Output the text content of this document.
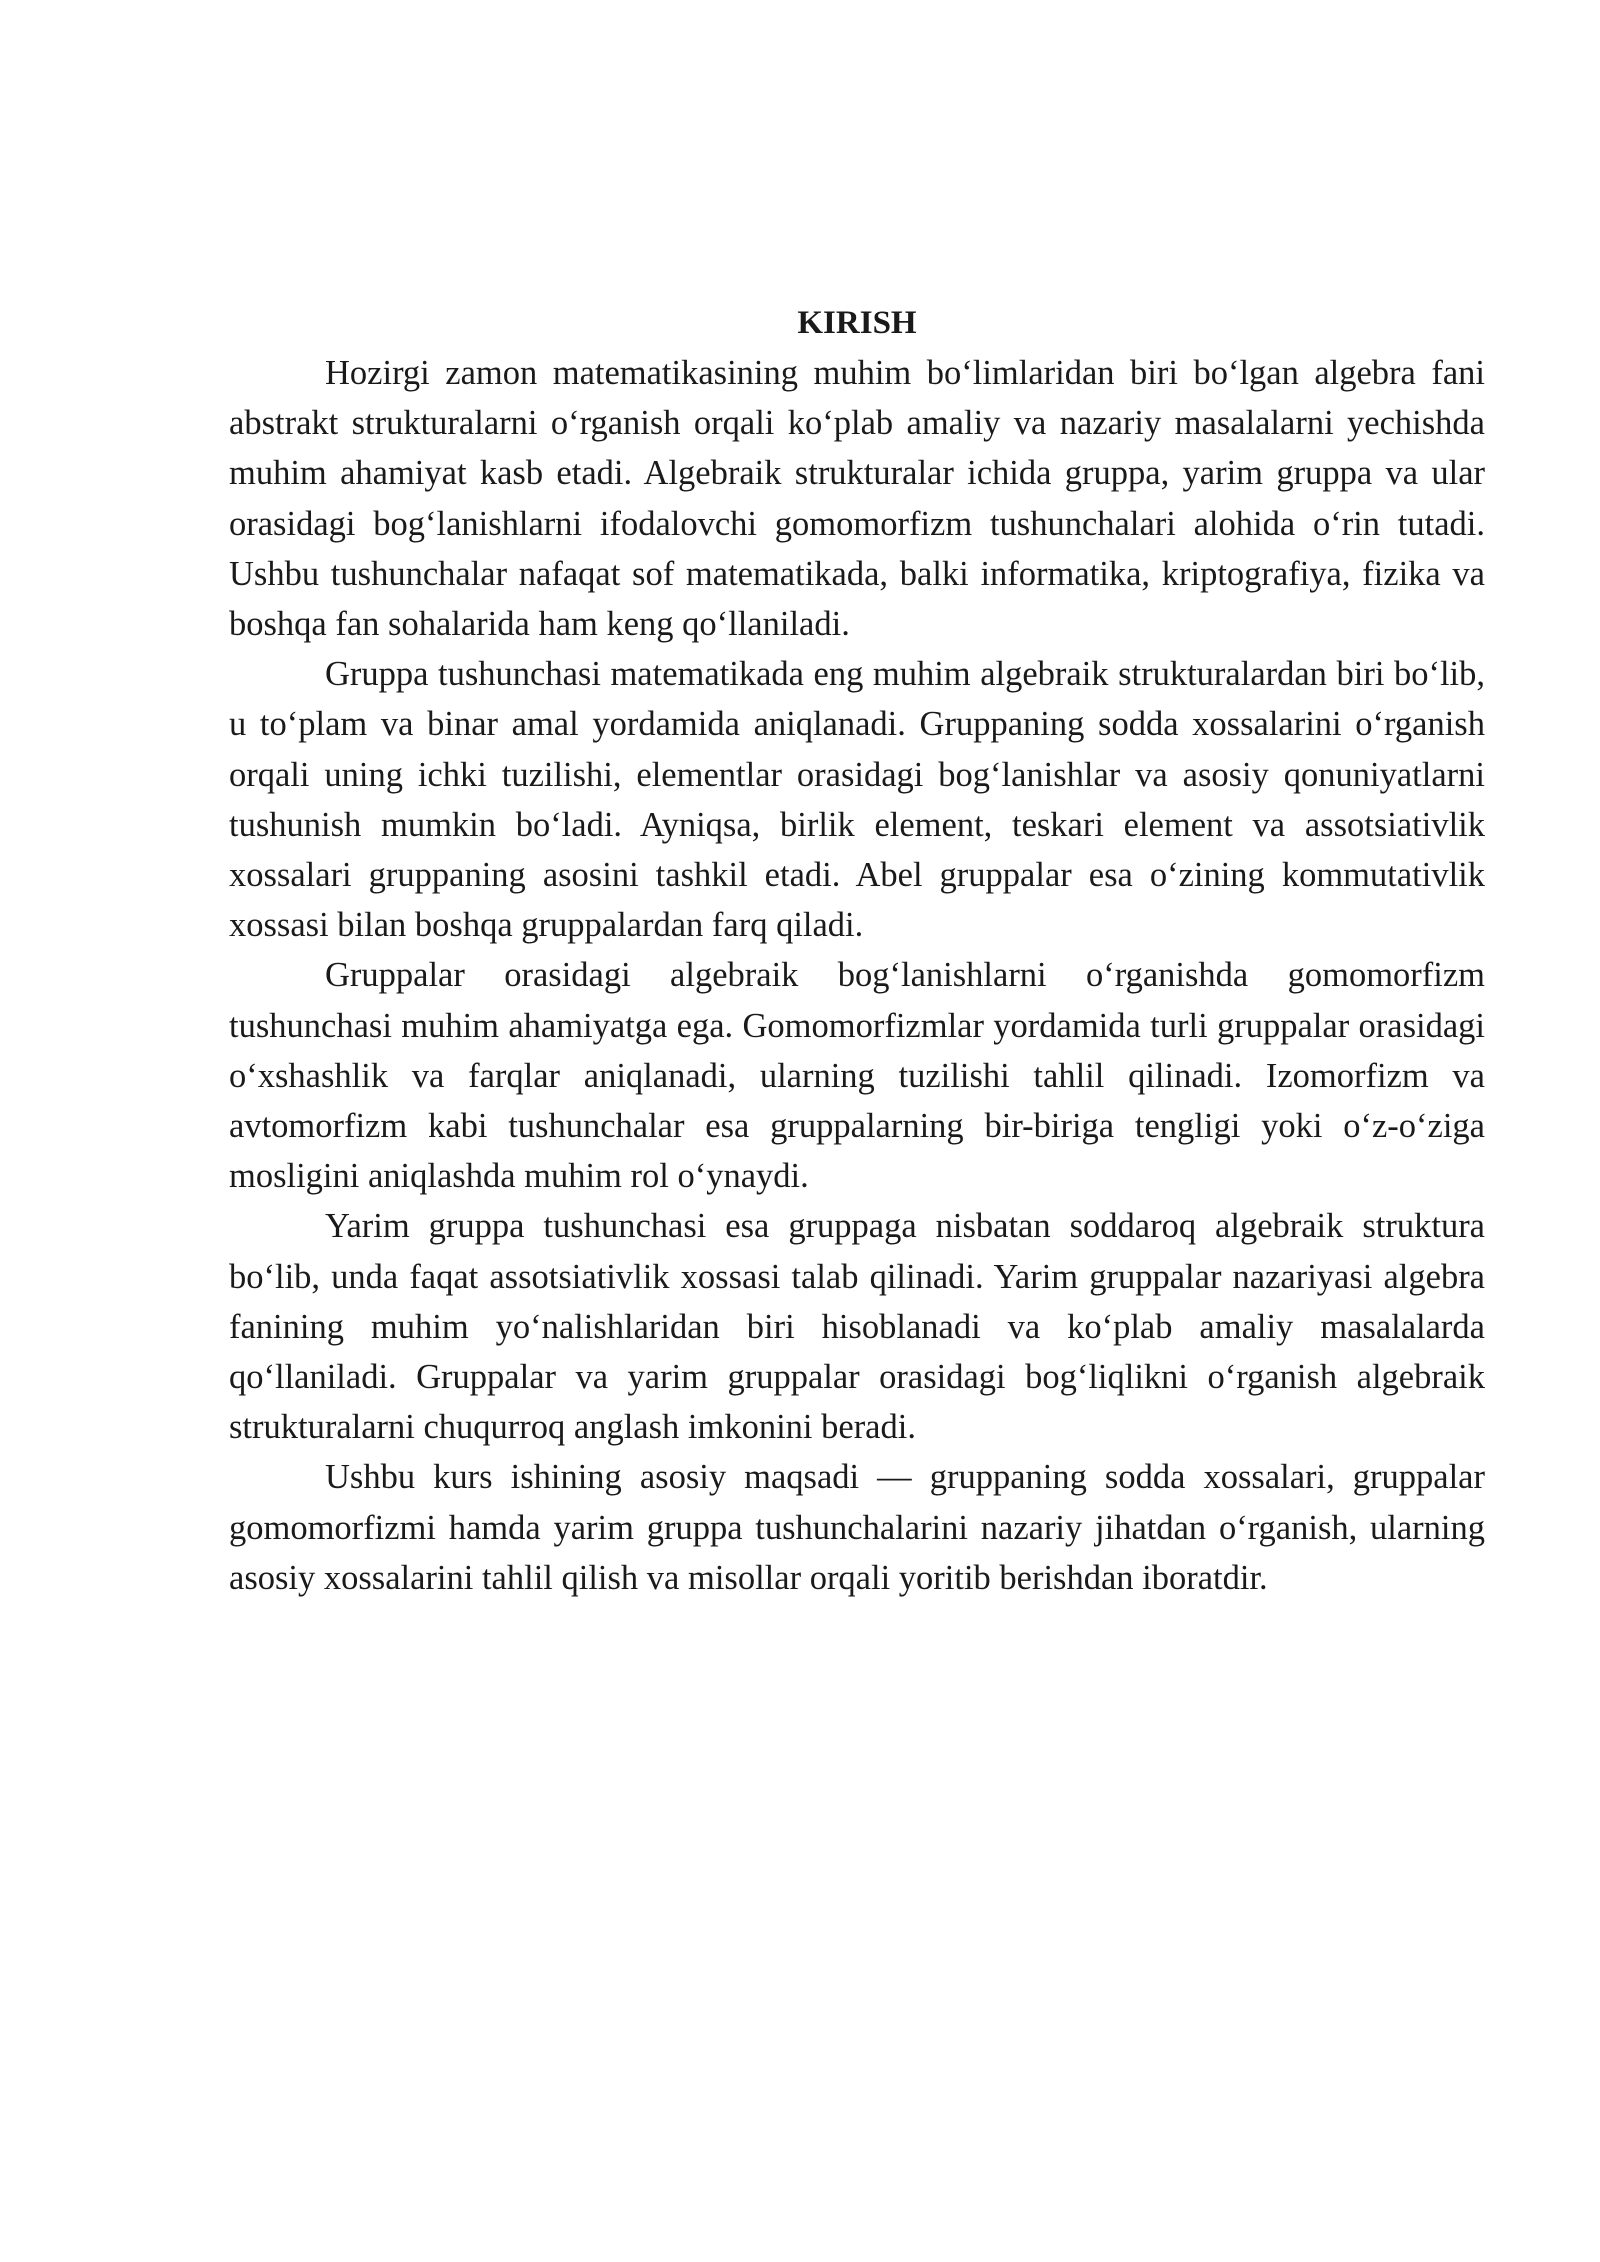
KIRISH

Hozirgi zamon matematikasining muhim bo‘limlaridan biri bo‘lgan algebra fani abstrakt strukturalarni o‘rganish orqali ko‘plab amaliy va nazariy masalalarni yechishda muhim ahamiyat kasb etadi. Algebraik strukturalar ichida gruppa, yarim gruppa va ular orasidagi bog‘lanishlarni ifodalovchi gomomorfizm tushunchalari alohida o‘rin tutadi. Ushbu tushunchalar nafaqat sof matematikada, balki informatika, kriptografiya, fizika va boshqa fan sohalarida ham keng qo‘llaniladi.

Gruppa tushunchasi matematikada eng muhim algebraik strukturalardan biri bo‘lib, u to‘plam va binar amal yordamida aniqlanadi. Gruppaning sodda xossalarini o‘rganish orqali uning ichki tuzilishi, elementlar orasidagi bog‘lanishlar va asosiy qonuniyatlarni tushunish mumkin bo‘ladi. Ayniqsa, birlik element, teskari element va assotsiativlik xossalari gruppaning asosini tashkil etadi. Abel gruppalar esa o‘zining kommutativlik xossasi bilan boshqa gruppalardan farq qiladi.

Gruppalar orasidagi algebraik bog‘lanishlarni o‘rganishda gomomorfizm tushunchasi muhim ahamiyatga ega. Gomomorfizmlar yordamida turli gruppalar orasidagi o‘xshashlik va farqlar aniqlanadi, ularning tuzilishi tahlil qilinadi. Izomorfizm va avtomorfizm kabi tushunchalar esa gruppalarning bir-biriga tengligi yoki o‘z-o‘ziga mosligini aniqlashda muhim rol o‘ynaydi.

Yarim gruppa tushunchasi esa gruppaga nisbatan soddaroq algebraik struktura bo‘lib, unda faqat assotsiativlik xossasi talab qilinadi. Yarim gruppalar nazariyasi algebra fanining muhim yo‘nalishlaridan biri hisoblanadi va ko‘plab amaliy masalalarda qo‘llaniladi. Gruppalar va yarim gruppalar orasidagi bog‘liqlikni o‘rganish algebraik strukturalarni chuqurroq anglash imkonini beradi.

Ushbu kurs ishining asosiy maqsadi — gruppaning sodda xossalari, gruppalar gomomorfizmi hamda yarim gruppa tushunchalarini nazariy jihatdan o‘rganish, ularning asosiy xossalarini tahlil qilish va misollar orqali yoritib berishdan iboratdir.
